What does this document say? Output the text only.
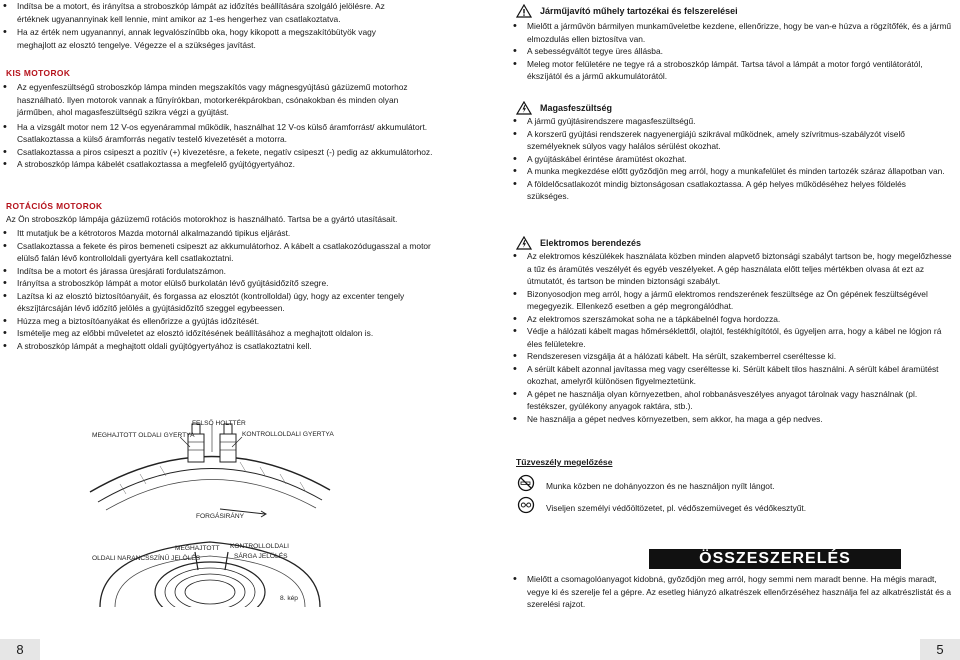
• Indítsa be a motort, és irányítsa a stroboszkóp lámpát az időzítés beállítására szolgáló jelölésre. Az értéknek ugyanannyinak kell lennie, mint amikor az 1-es hengerhez van csatlakoztatva.
• Ha az érték nem ugyanannyi, annak legvalószínűbb oka, hogy kikopott a megszakítóbütyök vagy meghajlott az elosztó tengelye. Végezze el a szükséges javítást.
KIS MOTOROK
• Az egyenfeszültségű stroboszkóp lámpa minden megszakítós vagy mágnesgyújtású gázüzemű motorhoz használható. Ilyen motorok vannak a fűnyírókban, motorkerékpárokban, csónakokban és minden olyan járműben, ahol magasfeszültségű szikra végzi a gyújtást.
• Ha a vizsgált motor nem 12 V-os egyenárammal működik, használhat 12 V-os külső áramforrást/ akkumulátort. Csatlakoztassa a külső áramforrás negatív testelő kivezetését a motorra.
• Csatlakoztassa a piros csipeszt a pozitív (+) kivezetésre, a fekete, negatív csipeszt (-) pedig az akkumulátorhoz.
• A stroboszkóp lámpa kábelét csatlakoztassa a megfelelő gyújtógyertyához.
ROTÁCIÓS MOTOROK
Az Ön stroboszkóp lámpája gázüzemű rotációs motorokhoz is használható. Tartsa be a gyártó utasításait.
• Itt mutatjuk be a kétrotoros Mazda motornál alkalmazandó tipikus eljárást.
• Csatlakoztassa a fekete és piros bemeneti csipeszt az akkumulátorhoz. A kábelt a csatlakozódugasszal a motor elülső falán lévő kontrolloldali gyertyára kell csatlakoztatni.
• Indítsa be a motort és járassa üresjárati fordulatszámon.
• Irányítsa a stroboszkóp lámpát a motor elülső burkolatán lévő gyújtásidőzítő szegre.
• Lazítsa ki az elosztó biztosítóanyáit, és forgassa az elosztót (kontrolloldal) úgy, hogy az excenter tengely ékszíjtárcsáján lévő időzítő jelölés a gyújtásidőzítő szeggel egybeessen.
• Húzza meg a biztosítóanyákat és ellenőrizze a gyújtás időzítését.
• Ismételje meg az előbbi műveletet az elosztó időzítésének beállításához a meghajtott oldalon is.
• A stroboszkóp lámpát a meghajtott oldali gyújtógyertyához is csatlakoztatni kell.
FELSŐ HOLTTÉR
MEGHAJTOTT OLDALI GYERTYA	KONTROLLOLDALI GYERTYA
FORGÁSIRÁNY
MEGHAJTOTT
OLDALI NARANCSSZÍNŰ JELÖLÉS
KONTROLLOLDALI
SÁRGA JELÖLÉS
8. kép
8
Járműjavító műhely tartozékai és felszerelései
• Mielőtt a járművön bármilyen munkaműveletbe kezdene, ellenőrizze, hogy be van-e húzva a rögzítőfék, és a jármű elmozdulás ellen biztosítva van.
• A sebességváltót tegye üres állásba.
• Meleg motor felületére ne tegye rá a stroboszkóp lámpát. Tartsa távol a lámpát a motor forgó ventilátorától, ékszíjától és a jármű akkumulátorától.
Magasfeszültség
• A jármű gyújtásirendszere magasfeszültségű.
• A korszerű gyújtási rendszerek nagyenergiájú szikrával működnek, amely szívritmus-szabályzót viselő személyeknek súlyos vagy halálos sérülést okozhat.
• A gyújtáskábel érintése áramütést okozhat.
• A munka megkezdése előtt győződjön meg arról, hogy a munkafelület és minden tartozék száraz állapotban van.
• A földelőcsatlakozót mindig biztonságosan csatlakoztassa. A gép helyes működéséhez helyes földelés szükséges.
Elektromos berendezés
• Az elektromos készülékek használata közben minden alapvető biztonsági szabályt tartson be, hogy megelőzhesse a tűz és áramütés veszélyét és egyéb veszélyeket. A gép használata előtt teljes mértékben olvasa át ezt az útmutatót, és tartson be minden biztonsági szabályt.
• Bizonyosodjon meg arról, hogy a jármű elektromos rendszerének feszültsége az Ön gépének feszültségével megegyezik. Ellenkező esetben a gép megrongálódhat.
• Az elektromos szerszámokat soha ne a tápkábelnél fogva hordozza.
• Védje a hálózati kábelt magas hőmérséklettől, olajtól, festékhígítótól, és ügyeljen arra, hogy a kábel ne lógjon rá éles felületekre.
• Rendszeresen vizsgálja át a hálózati kábelt. Ha sérült, szakemberrel cseréltesse ki.
• A sérült kábelt azonnal javítassa meg vagy cseréltesse ki. Sérült kábelt tilos használni. A sérült kábel áramütést okozhat, amelyről különösen figyelmeztetünk.
• A gépet ne használja olyan környezetben, ahol robbanásveszélyes anyagot tárolnak vagy használnak (pl. festékszer, gyúlékony anyagok raktára, stb.).
• Ne használja a gépet nedves környezetben, sem akkor, ha maga a gép nedves.
Tűzveszély megelőzése
Munka közben ne dohányozzon és ne használjon nyílt lángot.
Viseljen személyi védőöltözetet, pl. védőszemüveget és védőkesztyűt.
ÖSSZESZERELÉS
• Mielőtt a csomagolóanyagot kidobná, győződjön meg arról, hogy semmi nem maradt benne. Ha mégis maradt, vegye ki és szerelje fel a gépre. Az esetleg hiányzó alkatrészek ellenőrzéséhez használja fel az alkatrészlistát és a szerelési rajzot.
5
